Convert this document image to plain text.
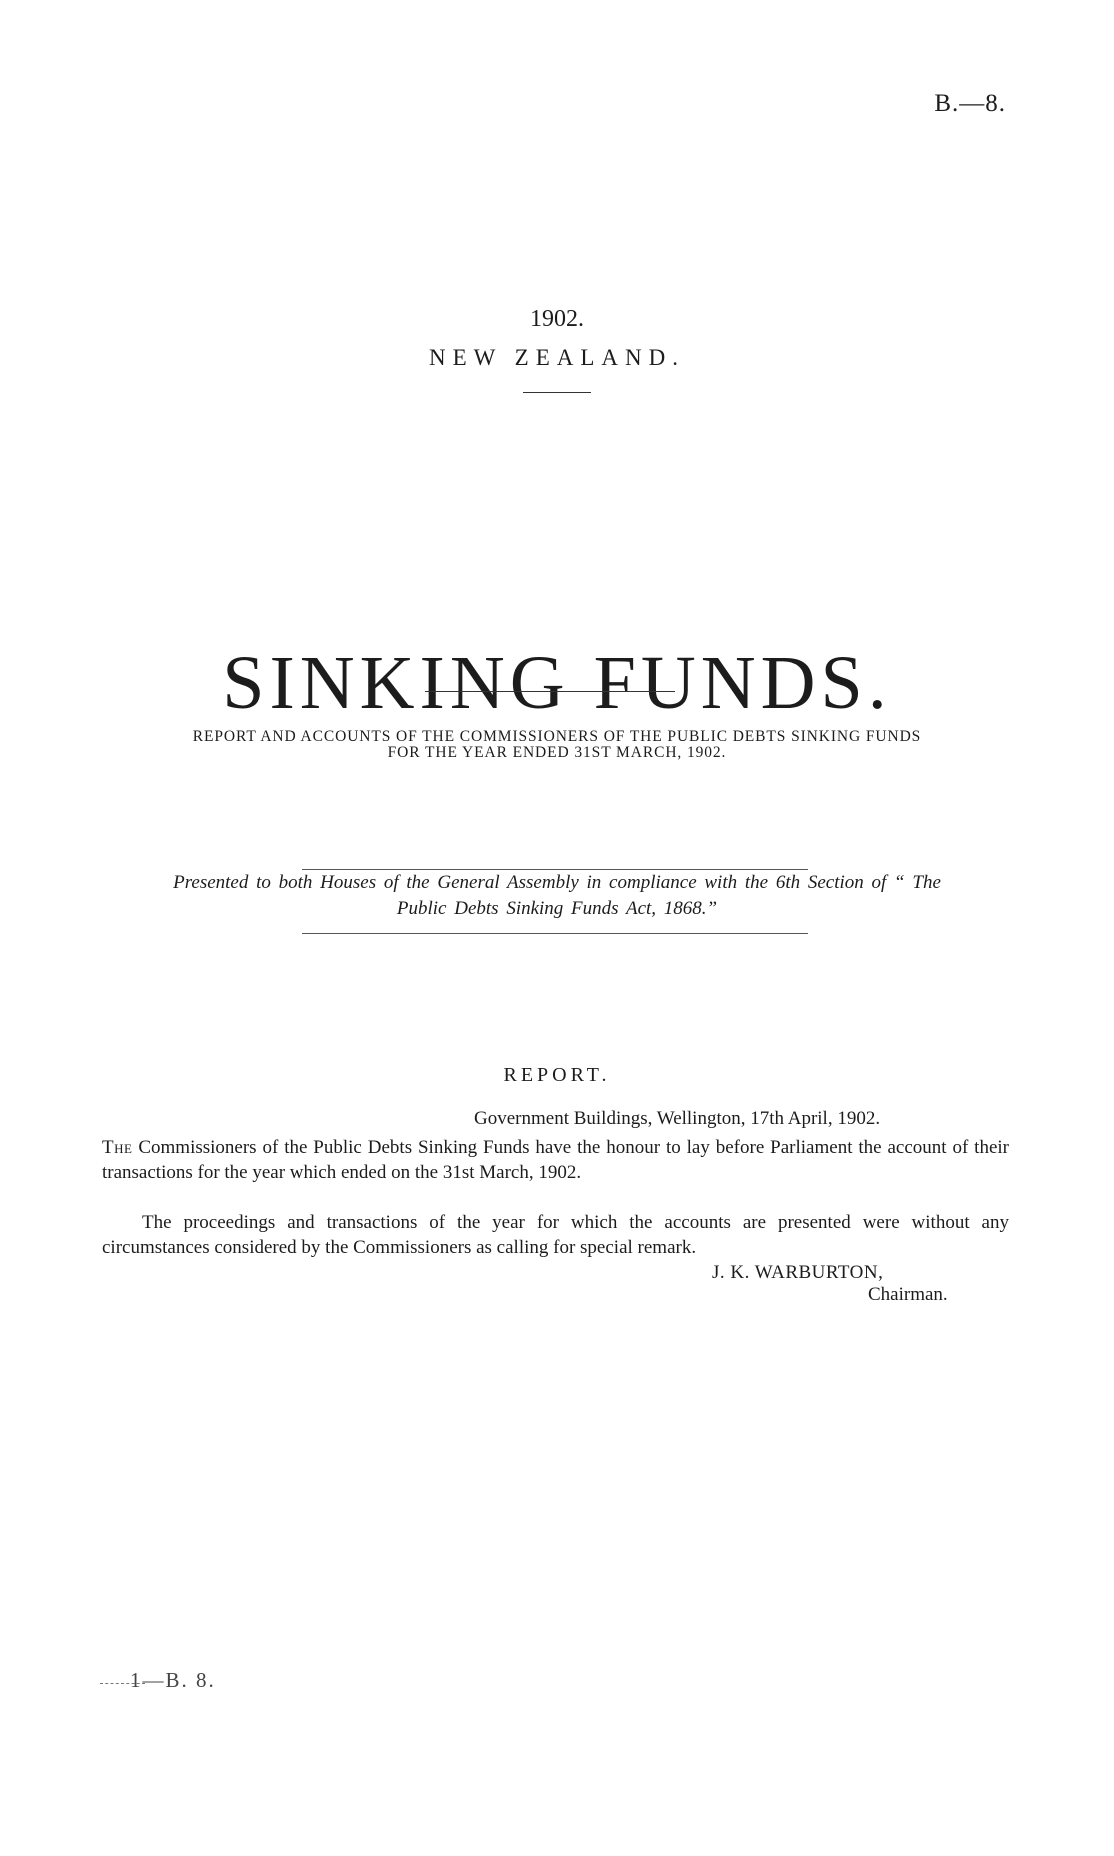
B.—8.
1902.
NEW ZEALAND.
SINKING FUNDS.
REPORT AND ACCOUNTS OF THE COMMISSIONERS OF THE PUBLIC DEBTS SINKING FUNDS
FOR THE YEAR ENDED 31ST MARCH, 1902.
Presented to both Houses of the General Assembly in compliance with the 6th Section of “ The
Public Debts Sinking Funds Act, 1868.”
REPORT.
Government Buildings, Wellington, 17th April, 1902.

The Commissioners of the Public Debts Sinking Funds have the honour to lay before Parliament the account of their transactions for the year which ended on the 31st March, 1902.

The proceedings and transactions of the year for which the accounts are presented were without any circumstances considered by the Commissioners as calling for special remark.

J. K. WARBURTON,
Chairman.
1—B. 8.
